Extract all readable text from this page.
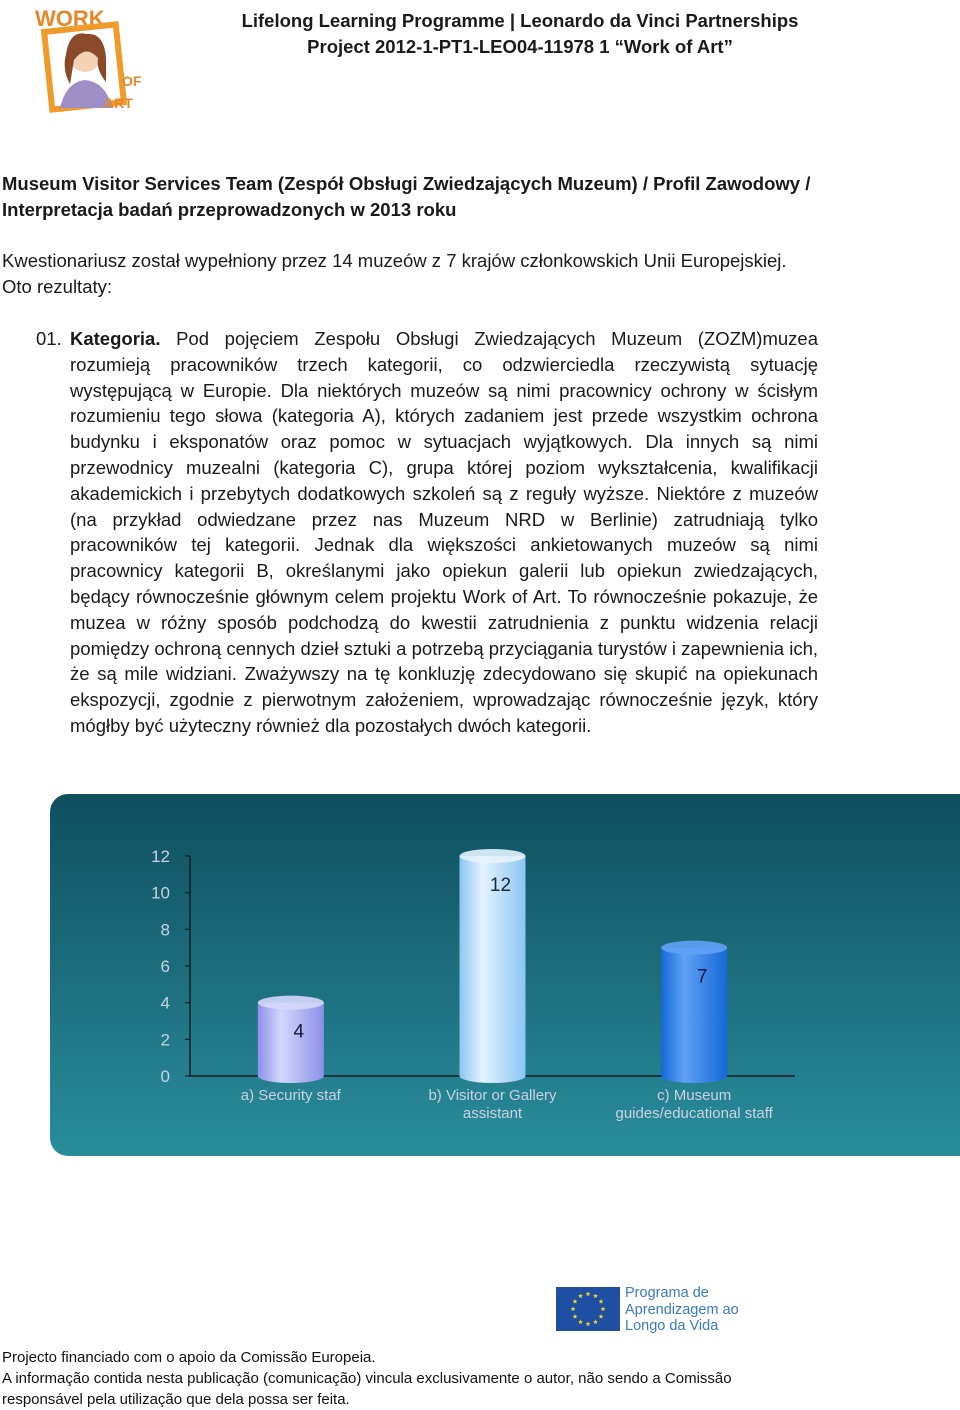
WORK
OF
ART
Lifelong Learning Programme | Leonardo da Vinci Partnerships
Project 2012-1-PT1-LEO04-11978 1 “Work of Art”
Museum Visitor Services Team (Zespół Obsługi Zwiedzających Muzeum) / Profil Zawodowy /
Interpretacja badań przeprowadzonych w 2013 roku
Kwestionariusz został wypełniony przez 14 muzeów z 7 krajów członkowskich Unii Europejskiej.
Oto rezultaty:
01. Kategoria. Pod pojęciem Zespołu Obsługi Zwiedzających Muzeum (ZOZM)muzea rozumieją pracowników trzech kategorii, co odzwierciedla rzeczywistą sytuację występującą w Europie. Dla niektórych muzeów są nimi pracownicy ochrony w ścisłym rozumieniu tego słowa (kategoria A), których zadaniem jest przede wszystkim ochrona budynku i eksponatów oraz pomoc w sytuacjach wyjątkowych. Dla innych są nimi przewodnicy muzealni (kategoria C), grupa której poziom wykształcenia, kwalifikacji akademickich i przebytych dodatkowych szkoleń są z reguły wyższe. Niektóre z muzeów (na przykład odwiedzane przez nas Muzeum NRD w Berlinie) zatrudniają tylko pracowników tej kategorii. Jednak dla większości ankietowanych muzeów są nimi pracownicy kategorii B, określanymi jako opiekun galerii lub opiekun zwiedzających, będący równocześnie głównym celem projektu Work of Art. To równocześnie pokazuje, że muzea w różny sposób podchodzą do kwestii zatrudnienia z punktu widzenia relacji pomiędzy ochroną cennych dzieł sztuki a potrzebą przyciągania turystów i zapewnienia ich, że są mile widziani. Zważywszy na tę konkluzję zdecydowano się skupić na opiekunach ekspozycji, zgodnie z pierwotnym założeniem, wprowadzając równocześnie język, który mógłby być użyteczny również dla pozostałych dwóch kategorii.
0
2
4
6
8
10
12
4
12
7
a) Security staf	b) Visitor or Gallery
assistant
c) Museum
guides/educational staff
Programa de
Aprendizagem ao
Longo da Vida
Projecto financiado com o apoio da Comissão Europeia.
A informação contida nesta publicação (comunicação) vincula exclusivamente o autor, não sendo a Comissão
responsável pela utilização que dela possa ser feita.
